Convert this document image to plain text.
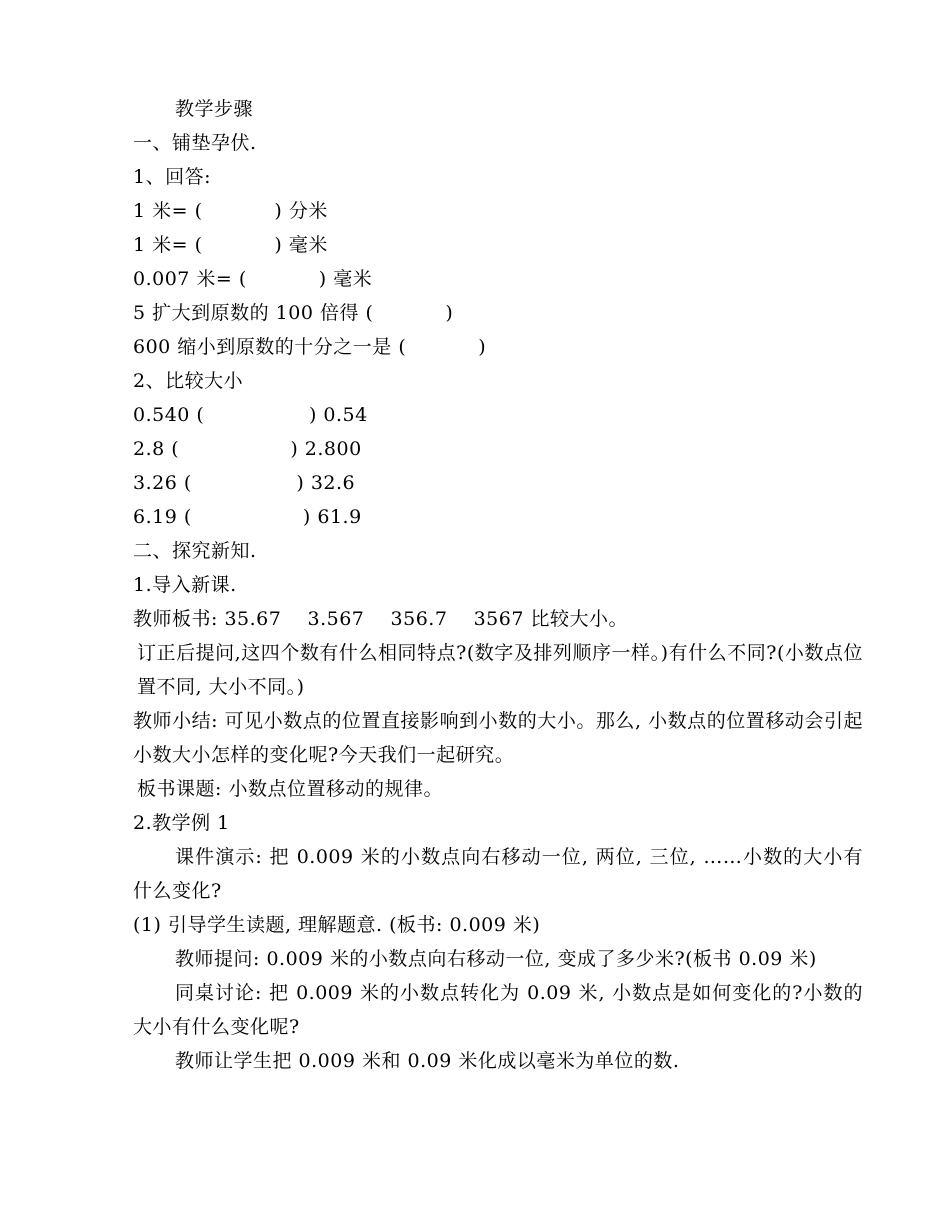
教学步骤
一、铺垫孕伏.
1、回答:
1 米= (           ) 分米
1 米= (           ) 毫米
0.007 米= (           ) 毫米
5 扩大到原数的 100 倍得 (           )
600 缩小到原数的十分之一是 (           )
2、比较大小
0.540 (                ) 0.54
2.8 (                 ) 2.800
3.26 (                ) 32.6
6.19 (                 ) 61.9
二、探究新知.
1.导入新课.
教师板书: 35.67    3.567    356.7    3567 比较大小。
订正后提问,这四个数有什么相同特点?(数字及排列顺序一样。)有什么不同?(小数点位置不同, 大小不同。)
教师小结: 可见小数点的位置直接影响到小数的大小。那么, 小数点的位置移动会引起小数大小怎样的变化呢?今天我们一起研究。
板书课题: 小数点位置移动的规律。
2.教学例 1
课件演示: 把 0.009 米的小数点向右移动一位, 两位, 三位, ……小数的大小有什么变化?
(1) 引导学生读题, 理解题意. (板书: 0.009 米)
教师提问: 0.009 米的小数点向右移动一位, 变成了多少米?(板书 0.09 米)
同桌讨论: 把 0.009 米的小数点转化为 0.09 米, 小数点是如何变化的?小数的大小有什么变化呢?
教师让学生把 0.009 米和 0.09 米化成以毫米为单位的数.
